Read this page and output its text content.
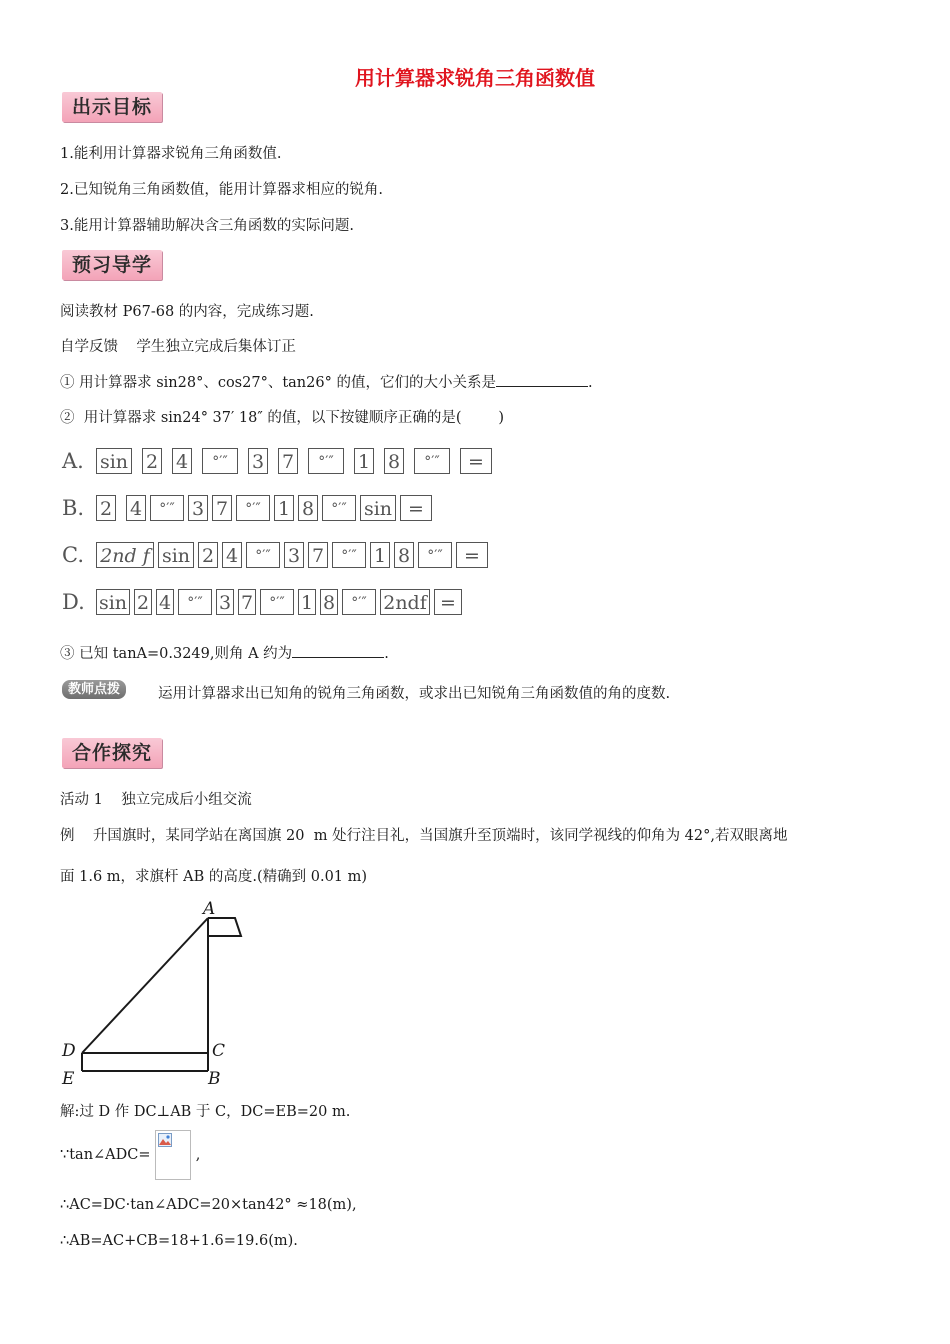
用计算器求锐角三角函数值
出示目标
1.能利用计算器求锐角三角函数值.
2.已知锐角三角函数值，能用计算器求相应的锐角.
3.能用计算器辅助解决含三角函数的实际问题.
预习导学
阅读教材 P67-68 的内容，完成练习题.
自学反馈    学生独立完成后集体订正
① 用计算器求 sin28°、cos27°、tan26° 的值，它们的大小关系是	.
②  用计算器求 sin24° 37′ 18″ 的值，以下按键顺序正确的是(        )
A. sin 2 4	°′″	3 7	°′″	1 8	°′″	=
B. 2 4	°′″ 3 7	°′″ 1 8	°′″ sin =
C. 2nd f sin 2 4	°′″ 3 7	°′″ 1 8	°′″	=
D. sin 2 4	°′″ 3 7	°′″ 1 8	°′″ 2ndf =
③ 已知 tanA=0.3249,则角 A 约为	.
教师点拨	运用计算器求出已知角的锐角三角函数，或求出已知锐角三角函数值的角的度数.
合作探究
活动 1    独立完成后小组交流
例    升国旗时，某同学站在离国旗 20  m 处行注目礼，当国旗升至顶端时，该同学视线的仰角为 42°,若双眼离地
面 1.6 m，求旗杆 AB 的高度.(精确到 0.01 m)
A
D	C
E	B
解:过 D 作 DC⊥AB 于 C，DC=EB=20 m.
∵tan∠ADC=	,
∴AC=DC·tan∠ADC=20×tan42° ≈18(m),
∴AB=AC+CB=18+1.6=19.6(m).
